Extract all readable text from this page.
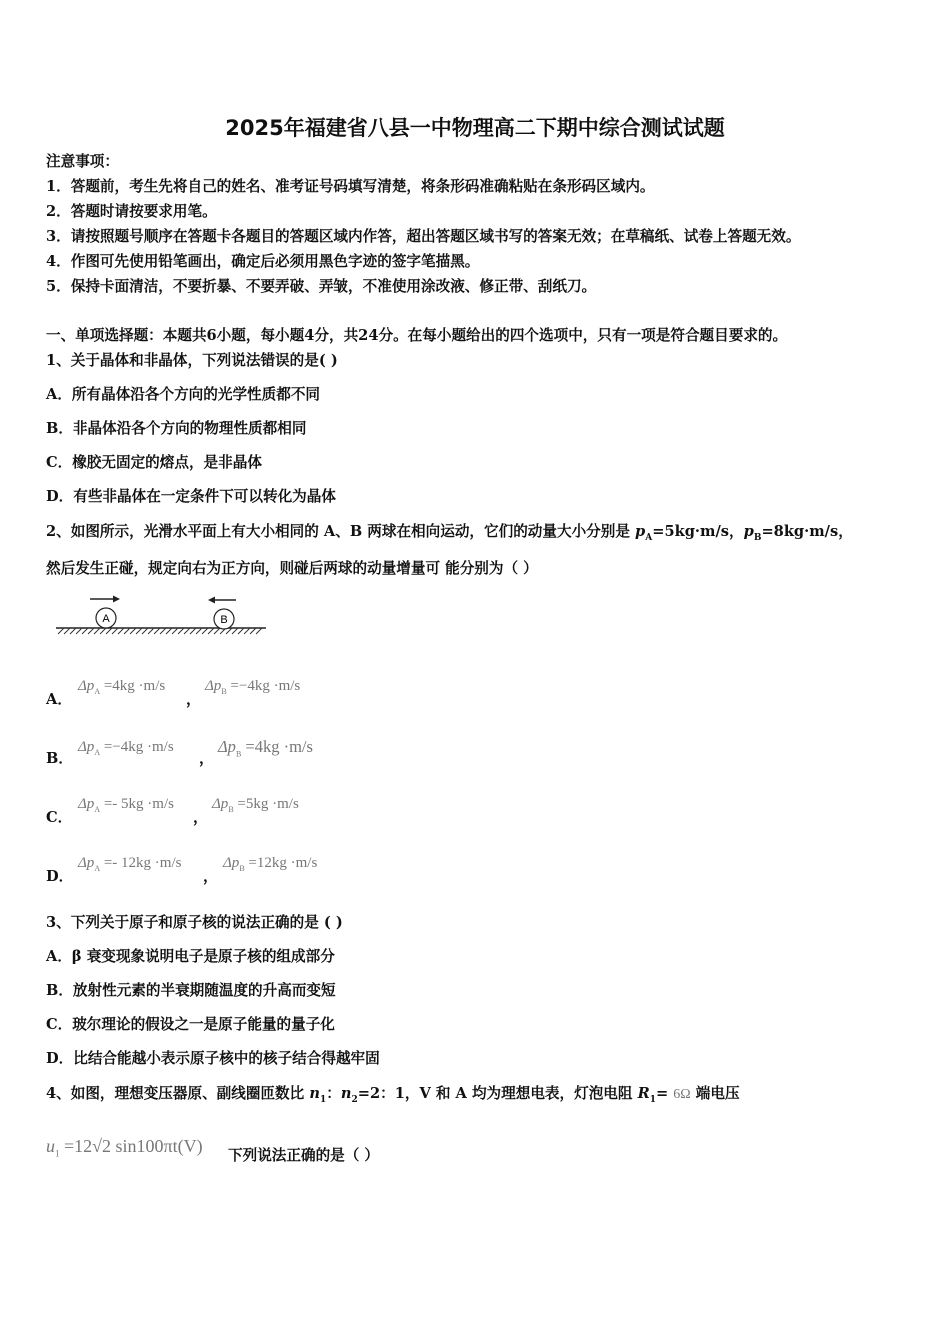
2025年福建省八县一中物理高二下期中综合测试试题
注意事项：
1．答题前，考生先将自己的姓名、准考证号码填写清楚，将条形码准确粘贴在条形码区域内。
2．答题时请按要求用笔。
3．请按照题号顺序在答题卡各题目的答题区域内作答，超出答题区域书写的答案无效；在草稿纸、试卷上答题无效。
4．作图可先使用铅笔画出，确定后必须用黑色字迹的签字笔描黑。
5．保持卡面清洁，不要折暴、不要弄破、弄皱，不准使用涂改液、修正带、刮纸刀。
一、单项选择题：本题共6小题，每小题4分，共24分。在每小题给出的四个选项中，只有一项是符合题目要求的。
1、关于晶体和非晶体，下列说法错误的是( )
A．所有晶体沿各个方向的光学性质都不同
B．非晶体沿各个方向的物理性质都相同
C．橡胶无固定的熔点，是非晶体
D．有些非晶体在一定条件下可以转化为晶体
2、如图所示，光滑水平面上有大小相同的 A、B 两球在相向运动，它们的动量大小分别是 $p_A=5kg\cdot m/s$，$p_B=8kg\cdot m/s$，
然后发生正碰，规定向右为正方向，则碰后两球的动量增量可 能分别为（ ）
A	B
A．
$\Delta p_A =4kg \cdot m/s$
，
$\Delta p_B =-4kg \cdot m/s$
B．
$\Delta p_A =-4kg \cdot m/s$
，
$\Delta p_B =4kg \cdot m/s$
C．
$\Delta p_A =- 5kg \cdot m/s$
，
$\Delta p_B =5kg \cdot m/s$
D．
$\Delta p_A =- 12kg \cdot m/s$
，
$\Delta p_B =12kg \cdot m/s$
3、下列关于原子和原子核的说法正确的是 ( )
A．β 衰变现象说明电子是原子核的组成部分
B．放射性元素的半衰期随温度的升高而变短
C．玻尔理论的假设之一是原子能量的量子化
D．比结合能越小表示原子核中的核子结合得越牢固
4、如图，理想变压器原、副线圈匝数比 $n_1$：$n_2=2$：1，V 和 A 均为理想电表，灯泡电阻 $R_1= 6\Omega$ 端电压
$u_1 =12√2$ sin100πt(V) 下列说法正确的是（ ）
